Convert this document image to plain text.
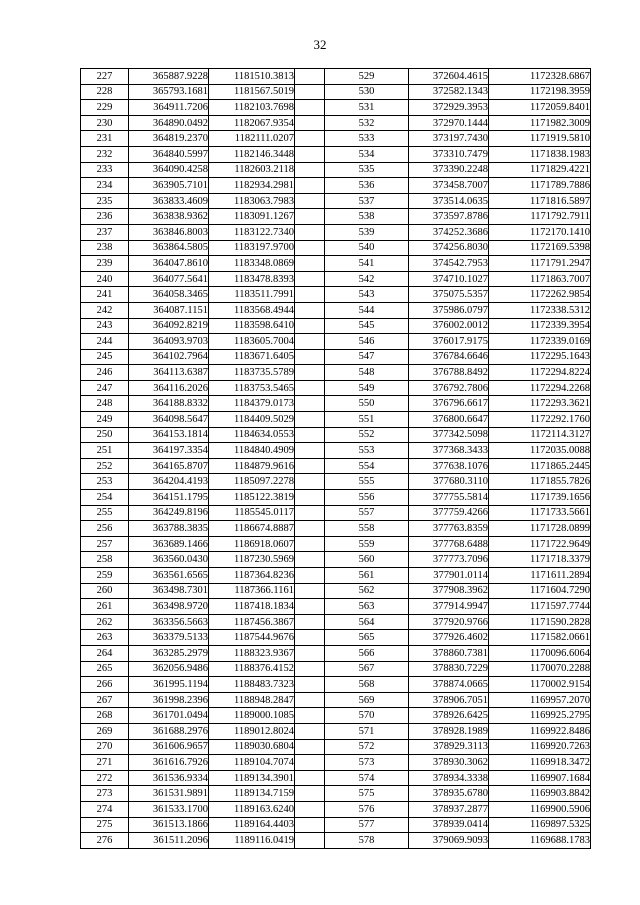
32
227	365887.9228	1181510.3813		529	372604.4615	1172328.6867
228	365793.1681	1181567.5019		530	372582.1343	1172198.3959
229	364911.7206	1182103.7698		531	372929.3953	1172059.8401
230	364890.0492	1182067.9354		532	372970.1444	1171982.3009
231	364819.2370	1182111.0207		533	373197.7430	1171919.5810
232	364840.5997	1182146.3448		534	373310.7479	1171838.1983
233	364090.4258	1182603.2118		535	373390.2248	1171829.4221
234	363905.7101	1182934.2981		536	373458.7007	1171789.7886
235	363833.4609	1183063.7983		537	373514.0635	1171816.5897
236	363838.9362	1183091.1267		538	373597.8786	1171792.7911
237	363846.8003	1183122.7340		539	374252.3686	1172170.1410
238	363864.5805	1183197.9700		540	374256.8030	1172169.5398
239	364047.8610	1183348.0869		541	374542.7953	1171791.2947
240	364077.5641	1183478.8393		542	374710.1027	1171863.7007
241	364058.3465	1183511.7991		543	375075.5357	1172262.9854
242	364087.1151	1183568.4944		544	375986.0797	1172338.5312
243	364092.8219	1183598.6410		545	376002.0012	1172339.3954
244	364093.9703	1183605.7004		546	376017.9175	1172339.0169
245	364102.7964	1183671.6405		547	376784.6646	1172295.1643
246	364113.6387	1183735.5789		548	376788.8492	1172294.8224
247	364116.2026	1183753.5465		549	376792.7806	1172294.2268
248	364188.8332	1184379.0173		550	376796.6617	1172293.3621
249	364098.5647	1184409.5029		551	376800.6647	1172292.1760
250	364153.1814	1184634.0553		552	377342.5098	1172114.3127
251	364197.3354	1184840.4909		553	377368.3433	1172035.0088
252	364165.8707	1184879.9616		554	377638.1076	1171865.2445
253	364204.4193	1185097.2278		555	377680.3110	1171855.7826
254	364151.1795	1185122.3819		556	377755.5814	1171739.1656
255	364249.8196	1185545.0117		557	377759.4266	1171733.5661
256	363788.3835	1186674.8887		558	377763.8359	1171728.0899
257	363689.1466	1186918.0607		559	377768.6488	1171722.9649
258	363560.0430	1187230.5969		560	377773.7096	1171718.3379
259	363561.6565	1187364.8236		561	377901.0114	1171611.2894
260	363498.7301	1187366.1161		562	377908.3962	1171604.7290
261	363498.9720	1187418.1834		563	377914.9947	1171597.7744
262	363356.5663	1187456.3867		564	377920.9766	1171590.2828
263	363379.5133	1187544.9676		565	377926.4602	1171582.0661
264	363285.2979	1188323.9367		566	378860.7381	1170096.6064
265	362056.9486	1188376.4152		567	378830.7229	1170070.2288
266	361995.1194	1188483.7323		568	378874.0665	1170002.9154
267	361998.2396	1188948.2847		569	378906.7051	1169957.2070
268	361701.0494	1189000.1085		570	378926.6425	1169925.2795
269	361688.2976	1189012.8024		571	378928.1989	1169922.8486
270	361606.9657	1189030.6804		572	378929.3113	1169920.7263
271	361616.7926	1189104.7074		573	378930.3062	1169918.3472
272	361536.9334	1189134.3901		574	378934.3338	1169907.1684
273	361531.9891	1189134.7159		575	378935.6780	1169903.8842
274	361533.1700	1189163.6240		576	378937.2877	1169900.5906
275	361513.1866	1189164.4403		577	378939.0414	1169897.5325
276	361511.2096	1189116.0419		578	379069.9093	1169688.1783
